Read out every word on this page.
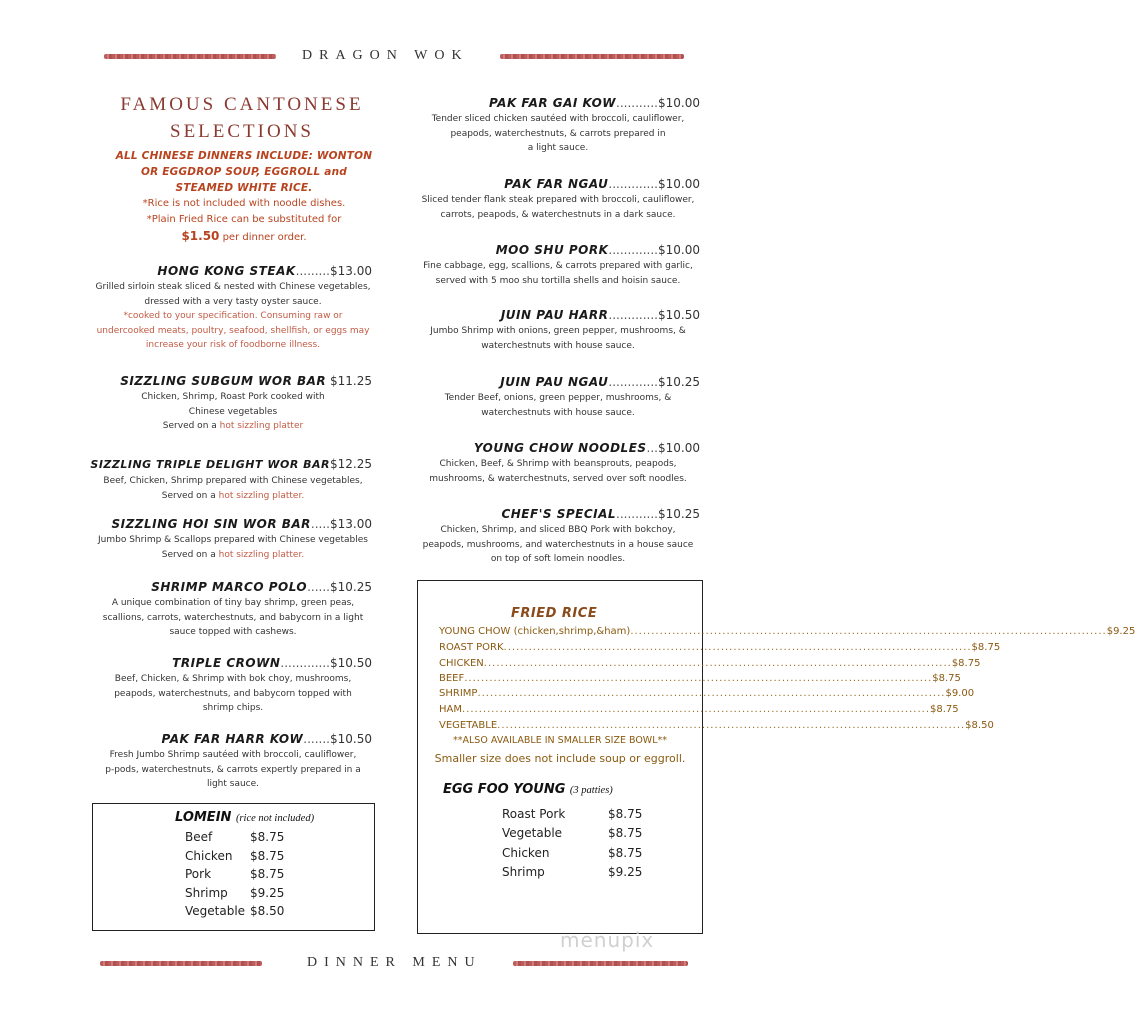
DRAGON WOK
FAMOUS CANTONESE
SELECTIONS
ALL CHINESE DINNERS INCLUDE: WONTON
OR EGGDROP SOUP, EGGROLL and
STEAMED WHITE RICE.
*Rice is not included with noodle dishes.
*Plain Fried Rice can be substituted for
$1.50 per dinner order.
HONG KONG STEAK.........$13.00
Grilled sirloin steak sliced & nested with Chinese vegetables,
dressed with a very tasty oyster sauce.
*cooked to your specification. Consuming raw or
undercooked meats, poultry, seafood, shellfish, or eggs may
increase your risk of foodborne illness.
SIZZLING SUBGUM WOR BAR $11.25
Chicken, Shrimp, Roast Pork cooked with
Chinese vegetables
Served on a hot sizzling platter
SIZZLING TRIPLE DELIGHT WOR BAR$12.25
Beef, Chicken, Shrimp prepared with Chinese vegetables,
Served on a hot sizzling platter.
SIZZLING HOI SIN WOR BAR.....$13.00
Jumbo Shrimp & Scallops prepared with Chinese vegetables
Served on a hot sizzling platter.
SHRIMP MARCO POLO......$10.25
A unique combination of tiny bay shrimp, green peas,
scallions, carrots, waterchestnuts, and babycorn in a light
sauce topped with cashews.
TRIPLE CROWN.............$10.50
Beef, Chicken, & Shrimp with bok choy, mushrooms,
peapods, waterchestnuts, and babycorn topped with
shrimp chips.
PAK FAR HARR KOW.......$10.50
Fresh Jumbo Shrimp sautéed with broccoli, cauliflower,
p-pods, waterchestnuts, & carrots expertly prepared in a
light sauce.
LOMEIN (rice not included)
Beef	$8.75
Chicken $8.75
Pork	$8.75
Shrimp $9.25
Vegetable $8.50
PAK FAR GAI KOW...........$10.00
Tender sliced chicken sautéed with broccoli, cauliflower,
peapods, waterchestnuts, & carrots prepared in
a light sauce.
PAK FAR NGAU.............$10.00
Sliced tender flank steak prepared with broccoli, cauliflower,
carrots, peapods, & waterchestnuts in a dark sauce.
MOO SHU PORK.............$10.00
Fine cabbage, egg, scallions, & carrots prepared with garlic,
served with 5 moo shu tortilla shells and hoisin sauce.
JUIN PAU HARR.............$10.50
Jumbo Shrimp with onions, green pepper, mushrooms, &
waterchestnuts with house sauce.
JUIN PAU NGAU.............$10.25
Tender Beef, onions, green pepper, mushrooms, &
waterchestnuts with house sauce.
YOUNG CHOW NOODLES...$10.00
Chicken, Beef, & Shrimp with beansprouts, peapods,
mushrooms, & waterchestnuts, served over soft noodles.
CHEF'S SPECIAL...........$10.25
Chicken, Shrimp, and sliced BBQ Pork with bokchoy,
peapods, mushrooms, and waterchestnuts in a house sauce
on top of soft lomein noodles.
FRIED RICE
YOUNG CHOW (chicken,shrimp,&ham)	..... .. $9.25
ROAST PORK .....	$8.75
CHICKEN .....	$8.75
BEEF .....	$8.75
SHRIMP .....	$9.00
HAM .....	$8.75
VEGETABLE .....	$8.50
**ALSO AVAILABLE IN SMALLER SIZE BOWL**
Smaller size does not include soup or eggroll.
EGG FOO YOUNG (3 patties)
Roast Pork	$8.75
Vegetable	$8.75
Chicken	$8.75
Shrimp	$9.25
menupix
DINNER MENU
